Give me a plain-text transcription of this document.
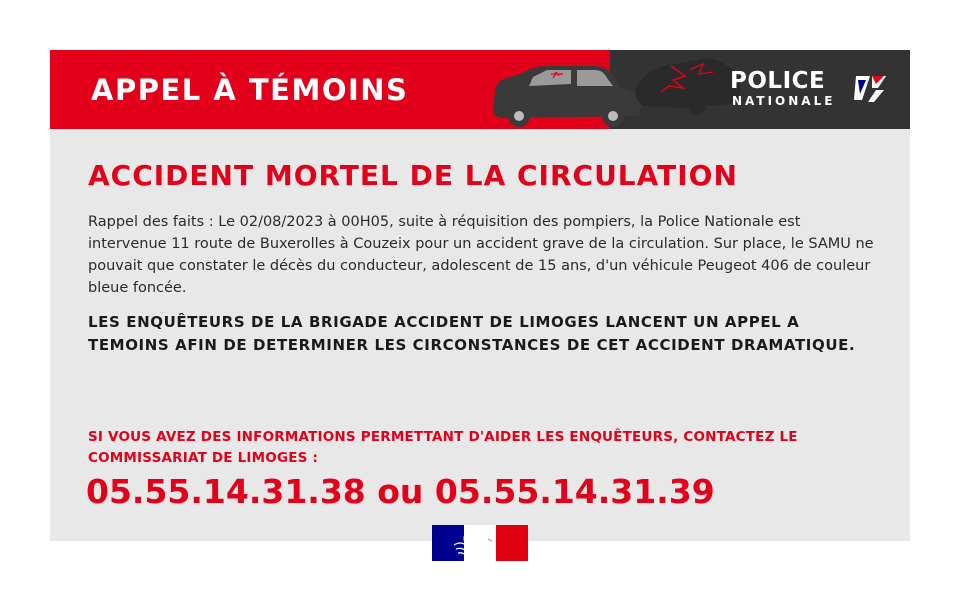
APPEL À TÉMOINS	POLICE
NATIONALE
ACCIDENT MORTEL DE LA CIRCULATION
Rappel des faits : Le 02/08/2023 à 00H05, suite à réquisition des pompiers, la Police Nationale est intervenue 11 route de Buxerolles à Couzeix pour un accident grave de la circulation. Sur place, le SAMU ne pouvait que constater le décès du conducteur, adolescent de 15 ans, d'un véhicule Peugeot 406 de couleur bleue foncée.
LES ENQUÊTEURS DE LA BRIGADE ACCIDENT DE LIMOGES LANCENT UN APPEL A TEMOINS AFIN DE DETERMINER LES CIRCONSTANCES DE CET ACCIDENT DRAMATIQUE.
SI VOUS AVEZ DES INFORMATIONS PERMETTANT D'AIDER LES ENQUÊTEURS, CONTACTEZ LE COMMISSARIAT DE LIMOGES :
05.55.14.31.38 ou 05.55.14.31.39
